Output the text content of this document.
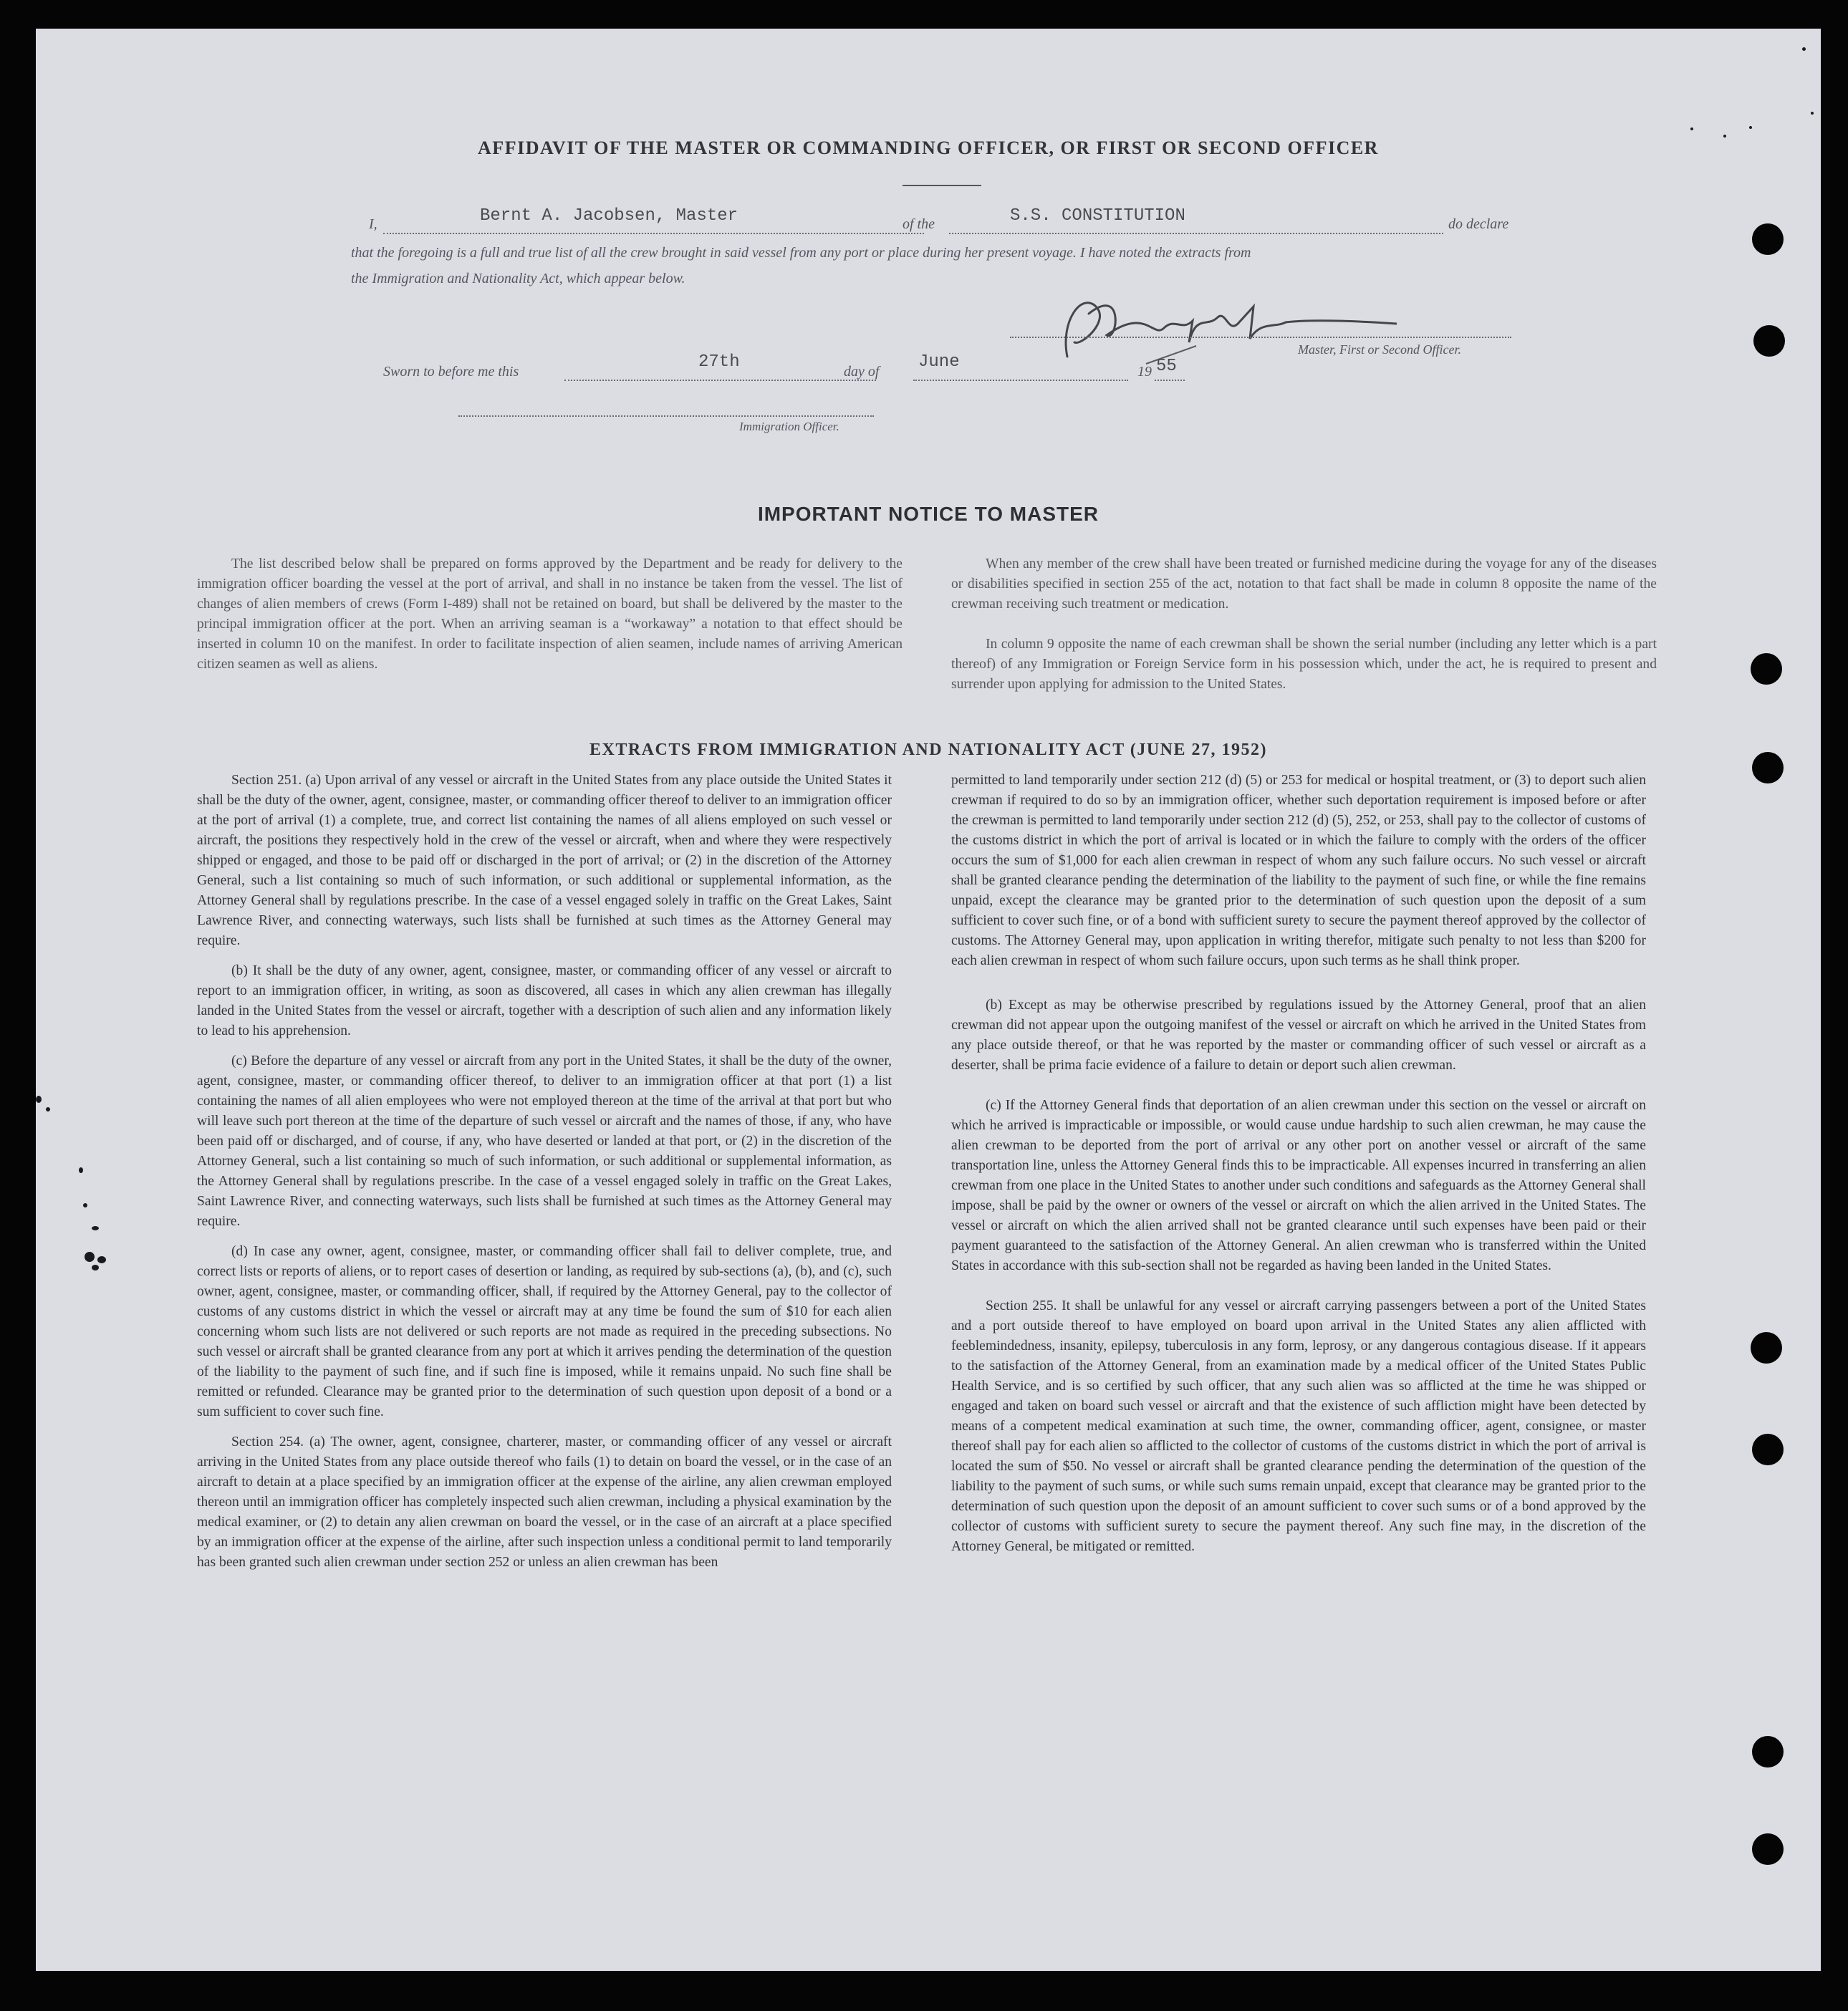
AFFIDAVIT OF THE MASTER OR COMMANDING OFFICER, OR FIRST OR SECOND OFFICER
I,	Bernt A. Jacobsen, Master	of the	S.S. CONSTITUTION	do declare
that the foregoing is a full and true list of all the crew brought in said vessel from any port or place during her present voyage. I have noted the extracts from
the Immigration and Nationality Act, which appear below.
Master, First or Second Officer.
Sworn to before me this	27th	day of June	19 55
Immigration Officer.
IMPORTANT NOTICE TO MASTER

The list described below shall be prepared on forms approved by the Department and be ready for delivery to the immigration officer boarding the vessel at the port of arrival, and shall in no instance be taken from the vessel. The list of changes of alien members of crews (Form I-489) shall not be retained on board, but shall be delivered by the master to the principal immigration officer at the port. When an arriving seaman is a “workaway” a notation to that effect should be inserted in column 10 on the manifest. In order to facilitate inspection of alien seamen, include names of arriving American citizen seamen as well as aliens.

When any member of the crew shall have been treated or furnished medicine during the voyage for any of the diseases or disabilities specified in section 255 of the act, notation to that fact shall be made in column 8 opposite the name of the crewman receiving such treatment or medication.

In column 9 opposite the name of each crewman shall be shown the serial number (including any letter which is a part thereof) of any Immigration or Foreign Service form in his possession which, under the act, he is required to present and surrender upon applying for admission to the United States.

EXTRACTS FROM IMMIGRATION AND NATIONALITY ACT (JUNE 27, 1952)

Section 251. (a) Upon arrival of any vessel or aircraft in the United States from any place outside the United States it shall be the duty of the owner, agent, consignee, master, or commanding officer thereof to deliver to an immigration officer at the port of arrival (1) a complete, true, and correct list containing the names of all aliens employed on such vessel or aircraft, the positions they respectively hold in the crew of the vessel or aircraft, when and where they were respectively shipped or engaged, and those to be paid off or discharged in the port of arrival; or (2) in the discretion of the Attorney General, such a list containing so much of such information, or such additional or supplemental information, as the Attorney General shall by regulations prescribe. In the case of a vessel engaged solely in traffic on the Great Lakes, Saint Lawrence River, and connecting waterways, such lists shall be furnished at such times as the Attorney General may require.

(b) It shall be the duty of any owner, agent, consignee, master, or commanding officer of any vessel or aircraft to report to an immigration officer, in writing, as soon as discovered, all cases in which any alien crewman has illegally landed in the United States from the vessel or aircraft, together with a description of such alien and any information likely to lead to his apprehension.

(c) Before the departure of any vessel or aircraft from any port in the United States, it shall be the duty of the owner, agent, consignee, master, or commanding officer thereof, to deliver to an immigration officer at that port (1) a list containing the names of all alien employees who were not employed thereon at the time of the arrival at that port but who will leave such port thereon at the time of the departure of such vessel or aircraft and the names of those, if any, who have been paid off or discharged, and of course, if any, who have deserted or landed at that port, or (2) in the discretion of the Attorney General, such a list containing so much of such information, or such additional or supplemental information, as the Attorney General shall by regulations prescribe. In the case of a vessel engaged solely in traffic on the Great Lakes, Saint Lawrence River, and connecting waterways, such lists shall be furnished at such times as the Attorney General may require.

(d) In case any owner, agent, consignee, master, or commanding officer shall fail to deliver complete, true, and correct lists or reports of aliens, or to report cases of desertion or landing, as required by sub-sections (a), (b), and (c), such owner, agent, consignee, master, or commanding officer, shall, if required by the Attorney General, pay to the collector of customs of any customs district in which the vessel or aircraft may at any time be found the sum of $10 for each alien concerning whom such lists are not delivered or such reports are not made as required in the preceding subsections. No such vessel or aircraft shall be granted clearance from any port at which it arrives pending the determination of the question of the liability to the payment of such fine, and if such fine is imposed, while it remains unpaid. No such fine shall be remitted or refunded. Clearance may be granted prior to the determination of such question upon deposit of a bond or a sum sufficient to cover such fine.

Section 254. (a) The owner, agent, consignee, charterer, master, or commanding officer of any vessel or aircraft arriving in the United States from any place outside thereof who fails (1) to detain on board the vessel, or in the case of an aircraft to detain at a place specified by an immigration officer at the expense of the airline, any alien crewman employed thereon until an immigration officer has completely inspected such alien crewman, including a physical examination by the medical examiner, or (2) to detain any alien crewman on board the vessel, or in the case of an aircraft at a place specified by an immigration officer at the expense of the airline, after such inspection unless a conditional permit to land temporarily has been granted such alien crewman under section 252 or unless an alien crewman has been

permitted to land temporarily under section 212 (d) (5) or 253 for medical or hospital treatment, or (3) to deport such alien crewman if required to do so by an immigration officer, whether such deportation requirement is imposed before or after the crewman is permitted to land temporarily under section 212 (d) (5), 252, or 253, shall pay to the collector of customs of the customs district in which the port of arrival is located or in which the failure to comply with the orders of the officer occurs the sum of $1,000 for each alien crewman in respect of whom any such failure occurs. No such vessel or aircraft shall be granted clearance pending the determination of the liability to the payment of such fine, or while the fine remains unpaid, except the clearance may be granted prior to the determination of such question upon the deposit of a sum sufficient to cover such fine, or of a bond with sufficient surety to secure the payment thereof approved by the collector of customs. The Attorney General may, upon application in writing therefor, mitigate such penalty to not less than $200 for each alien crewman in respect of whom such failure occurs, upon such terms as he shall think proper.

(b) Except as may be otherwise prescribed by regulations issued by the Attorney General, proof that an alien crewman did not appear upon the outgoing manifest of the vessel or aircraft on which he arrived in the United States from any place outside thereof, or that he was reported by the master or commanding officer of such vessel or aircraft as a deserter, shall be prima facie evidence of a failure to detain or deport such alien crewman.

(c) If the Attorney General finds that deportation of an alien crewman under this section on the vessel or aircraft on which he arrived is impracticable or impossible, or would cause undue hardship to such alien crewman, he may cause the alien crewman to be deported from the port of arrival or any other port on another vessel or aircraft of the same transportation line, unless the Attorney General finds this to be impracticable. All expenses incurred in transferring an alien crewman from one place in the United States to another under such conditions and safeguards as the Attorney General shall impose, shall be paid by the owner or owners of the vessel or aircraft on which the alien arrived in the United States. The vessel or aircraft on which the alien arrived shall not be granted clearance until such expenses have been paid or their payment guaranteed to the satisfaction of the Attorney General. An alien crewman who is transferred within the United States in accordance with this sub-section shall not be regarded as having been landed in the United States.

Section 255. It shall be unlawful for any vessel or aircraft carrying passengers between a port of the United States and a port outside thereof to have employed on board upon arrival in the United States any alien afflicted with feeblemindedness, insanity, epilepsy, tuberculosis in any form, leprosy, or any dangerous contagious disease. If it appears to the satisfaction of the Attorney General, from an examination made by a medical officer of the United States Public Health Service, and is so certified by such officer, that any such alien was so afflicted at the time he was shipped or engaged and taken on board such vessel or aircraft and that the existence of such affliction might have been detected by means of a competent medical examination at such time, the owner, commanding officer, agent, consignee, or master thereof shall pay for each alien so afflicted to the collector of customs of the customs district in which the port of arrival is located the sum of $50. No vessel or aircraft shall be granted clearance pending the determination of the question of the liability to the payment of such sums, or while such sums remain unpaid, except that clearance may be granted prior to the determination of such question upon the deposit of an amount sufficient to cover such sums or of a bond approved by the collector of customs with sufficient surety to secure the payment thereof. Any such fine may, in the discretion of the Attorney General, be mitigated or remitted.
